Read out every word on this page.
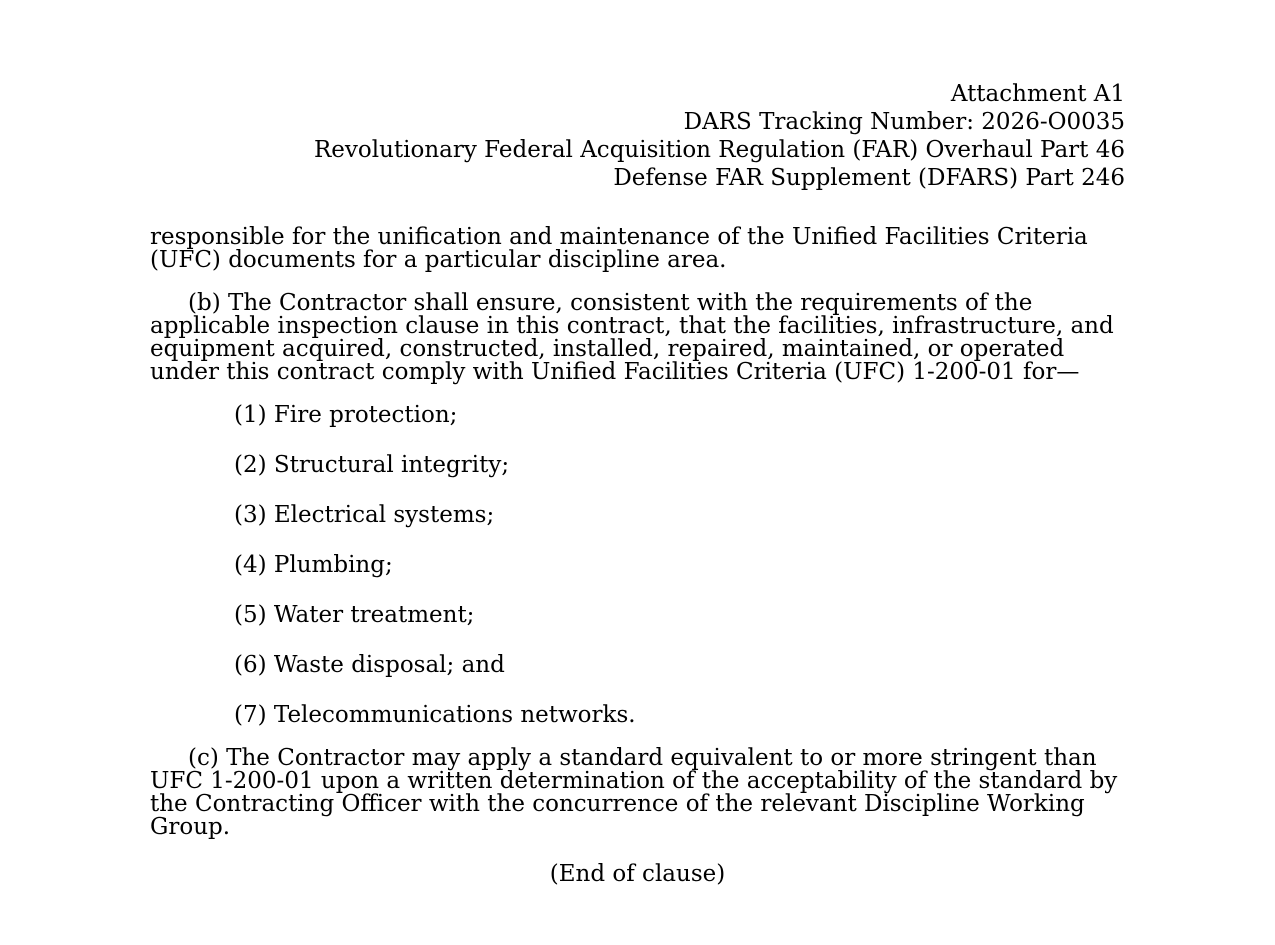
Attachment A1
DARS Tracking Number: 2026-O0035
Revolutionary Federal Acquisition Regulation (FAR) Overhaul Part 46
Defense FAR Supplement (DFARS) Part 246

responsible for the unification and maintenance of the Unified Facilities Criteria (UFC) documents for a particular discipline area.

(b) The Contractor shall ensure, consistent with the requirements of the applicable inspection clause in this contract, that the facilities, infrastructure, and equipment acquired, constructed, installed, repaired, maintained, or operated under this contract comply with Unified Facilities Criteria (UFC) 1-200-01 for—

(1) Fire protection;
(2) Structural integrity;
(3) Electrical systems;
(4) Plumbing;
(5) Water treatment;
(6) Waste disposal; and
(7) Telecommunications networks.

(c) The Contractor may apply a standard equivalent to or more stringent than UFC 1-200-01 upon a written determination of the acceptability of the standard by the Contracting Officer with the concurrence of the relevant Discipline Working Group.

(End of clause)
